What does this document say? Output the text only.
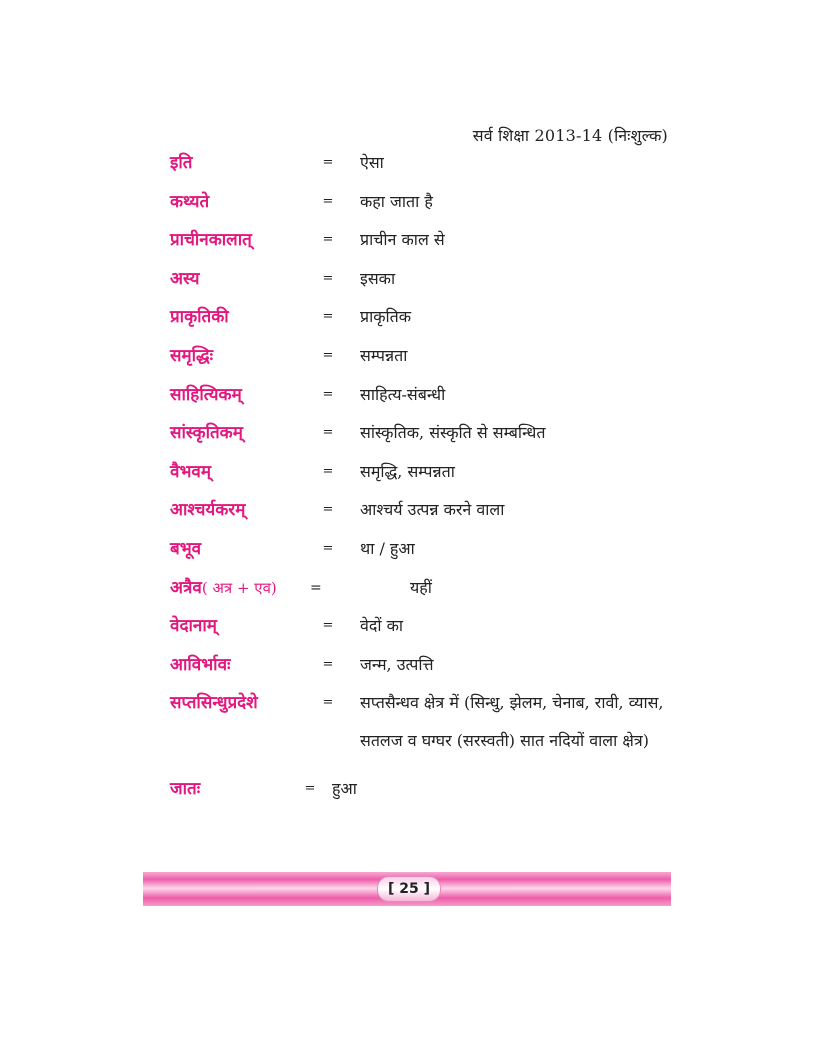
सर्व शिक्षा 2013-14 (निःशुल्क)
इति	=	ऐसा
कथ्यते	=	कहा जाता है
प्राचीनकालात्	=	प्राचीन काल से
अस्य	=	इसका
प्राकृतिकी	=	प्राकृतिक
समृद्धिः	=	सम्पन्नता
साहित्यिकम्	=	साहित्य-संबन्धी
सांस्कृतिकम्	=	सांस्कृतिक, संस्कृति से सम्बन्धित
वैभवम्	=	समृद्धि, सम्पन्नता
आश्चर्यकरम्	=	आश्चर्य उत्पन्न करने वाला
बभूव	=	था / हुआ
अत्रैव( अत्र + एव)	=	यहीं
वेदानाम्	=	वेदों का
आविर्भावः	=	जन्म, उत्पत्ति
सप्तसिन्धुप्रदेशे	=	सप्तसैन्धव क्षेत्र में (सिन्धु, झेलम, चेनाब, रावी, व्यास, सतलज व घग्घर (सरस्वती) सात नदियों वाला क्षेत्र)
जातः	=	हुआ
[ 25 ]
